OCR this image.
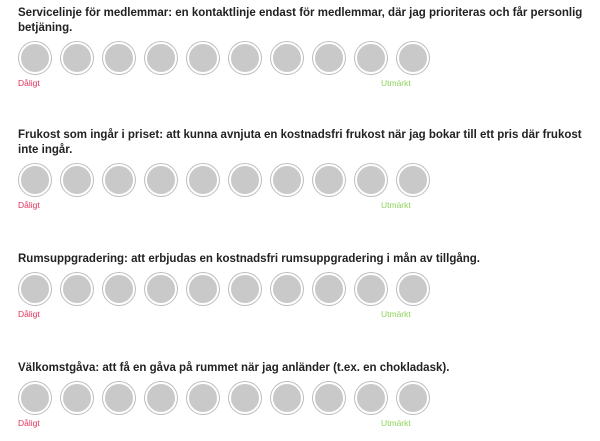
Servicelinje för medlemmar: en kontaktlinje endast för medlemmar, där jag prioriteras och får personlig betjäning.

Dåligt	Utmärkt

Frukost som ingår i priset: att kunna avnjuta en kostnadsfri frukost när jag bokar till ett pris där frukost inte ingår.

Dåligt	Utmärkt

Rumsuppgradering: att erbjudas en kostnadsfri rumsuppgradering i mån av tillgång.

Dåligt	Utmärkt

Välkomstgåva: att få en gåva på rummet när jag anländer (t.ex. en chokladask).

Dåligt	Utmärkt
